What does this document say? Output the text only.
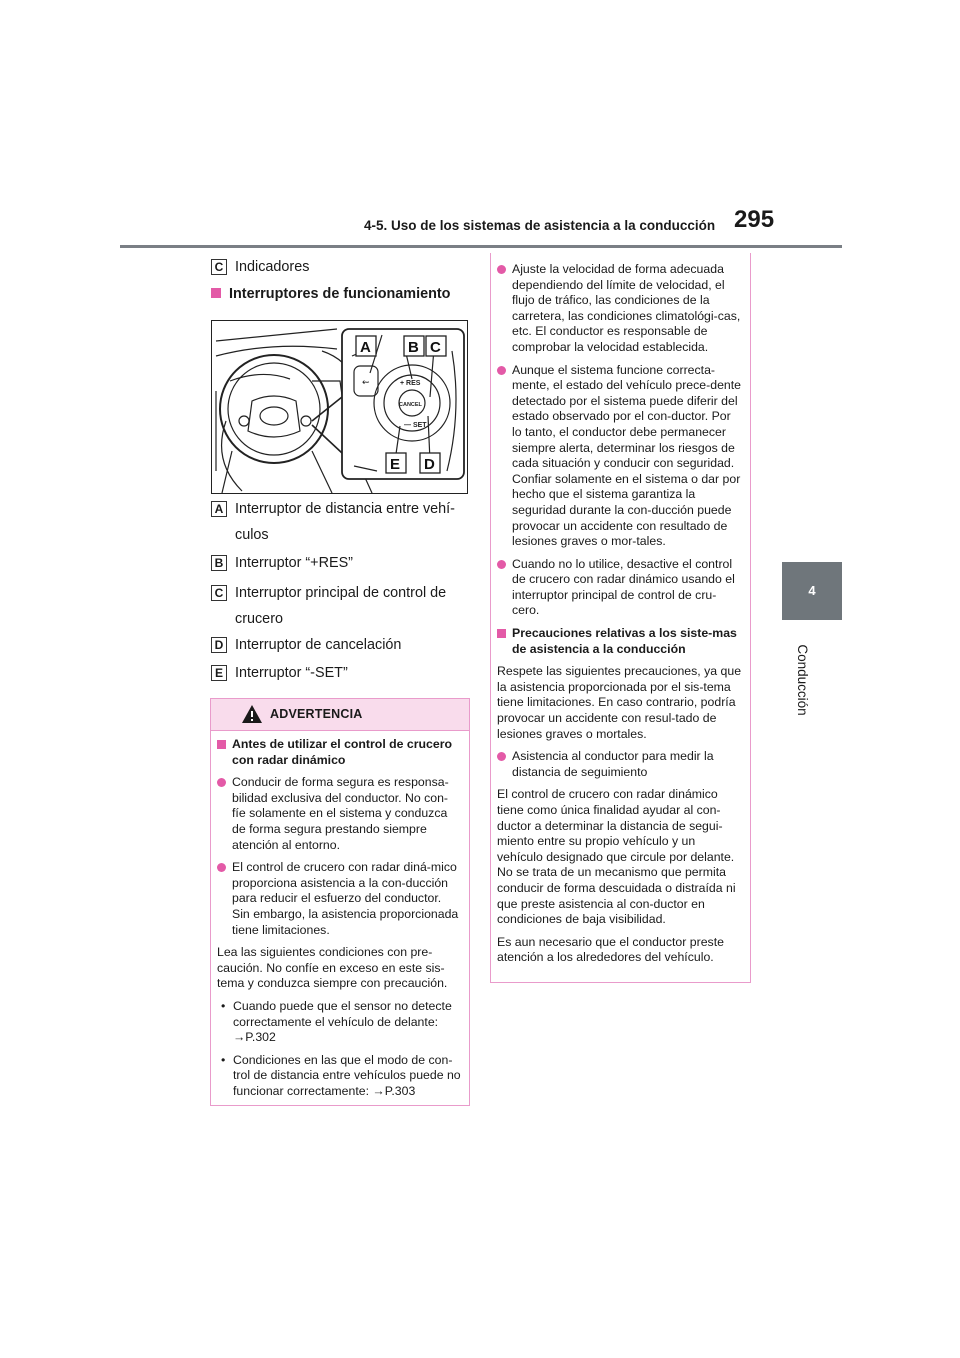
4-5. Uso de los sistemas de asistencia a la conducción 295
4
Conducción
C Indicadores
Interruptores de funcionamiento
⇜	+ RES
CANCEL
— SET
A B C
E D
A Interruptor de distancia entre vehí-
culos
B Interruptor “+RES”
C Interruptor principal de control de
crucero
D Interruptor de cancelación
E Interruptor “-SET”
ADVERTENCIA

Antes de utilizar el control de crucero con radar dinámico

Conducir de forma segura es responsa-bilidad exclusiva del conductor. No con-fíe solamente en el sistema y conduzca de forma segura prestando siempre atención al entorno.

El control de crucero con radar diná-mico proporciona asistencia a la con-ducción para reducir el esfuerzo del conductor. Sin embargo, la asistencia proporcionada tiene limitaciones.

Lea las siguientes condiciones con pre-caución. No confíe en exceso en este sis-tema y conduzca siempre con precaución.

• Cuando puede que el sensor no detecte correctamente el vehículo de delante: →P.302

• Condiciones en las que el modo de con-trol de distancia entre vehículos puede no funcionar correctamente: →P.303

Ajuste la velocidad de forma adecuada dependiendo del límite de velocidad, el flujo de tráfico, las condiciones de la carretera, las condiciones climatológi-cas, etc. El conductor es responsable de comprobar la velocidad establecida.

Aunque el sistema funcione correcta-mente, el estado del vehículo prece-dente detectado por el sistema puede diferir del estado observado por el con-ductor. Por lo tanto, el conductor debe permanecer siempre alerta, determinar los riesgos de cada situación y conducir con seguridad. Confiar solamente en el sistema o dar por hecho que el sistema garantiza la seguridad durante la con-ducción puede provocar un accidente con resultado de lesiones graves o mor-tales.

Cuando no lo utilice, desactive el control de crucero con radar dinámico usando el interruptor principal de control de cru-cero.

Precauciones relativas a los siste-mas de asistencia a la conducción

Respete las siguientes precauciones, ya que la asistencia proporcionada por el sis-tema tiene limitaciones. En caso contrario, podría provocar un accidente con resul-tado de lesiones graves o mortales.

Asistencia al conductor para medir la distancia de seguimiento

El control de crucero con radar dinámico tiene como única finalidad ayudar al con-ductor a determinar la distancia de segui-miento entre su propio vehículo y un vehículo designado que circule por delante. No se trata de un mecanismo que permita conducir de forma descuidada o distraída ni que preste asistencia al con-ductor en condiciones de baja visibilidad.

Es aun necesario que el conductor preste atención a los alrededores del vehículo.
